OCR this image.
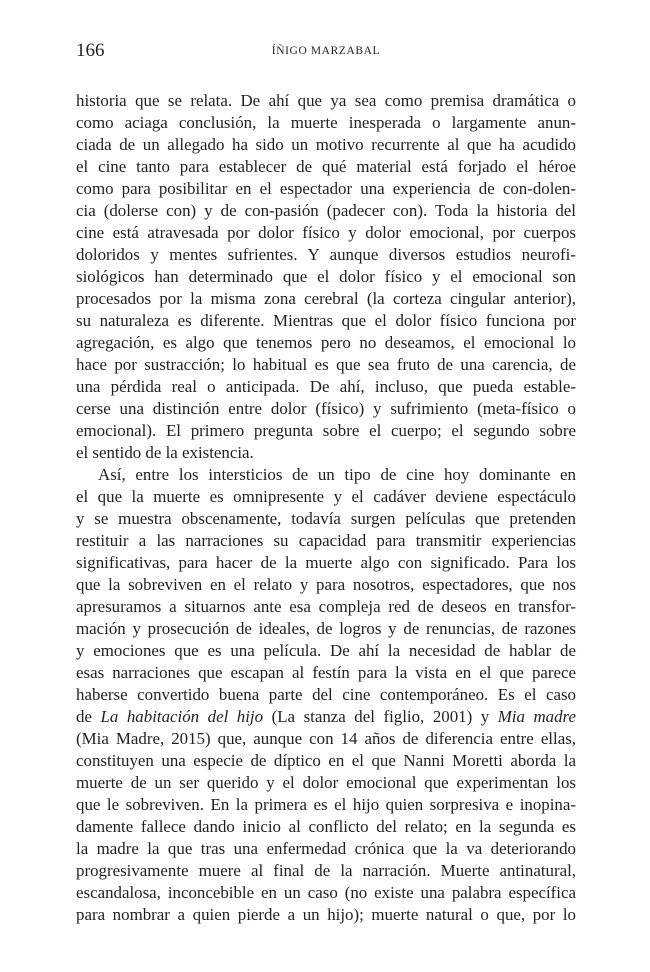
166	ÍÑIGO MARZABAL
historia que se relata. De ahí que ya sea como premisa dramática o
como aciaga conclusión, la muerte inesperada o largamente anun-
ciada de un allegado ha sido un motivo recurrente al que ha acudido
el cine tanto para establecer de qué material está forjado el héroe
como para posibilitar en el espectador una experiencia de con-dolen-
cia (dolerse con) y de con-pasión (padecer con). Toda la historia del
cine está atravesada por dolor físico y dolor emocional, por cuerpos
doloridos y mentes sufrientes. Y aunque diversos estudios neurofi-
siológicos han determinado que el dolor físico y el emocional son
procesados por la misma zona cerebral (la corteza cingular anterior),
su naturaleza es diferente. Mientras que el dolor físico funciona por
agregación, es algo que tenemos pero no deseamos, el emocional lo
hace por sustracción; lo habitual es que sea fruto de una carencia, de
una pérdida real o anticipada. De ahí, incluso, que pueda estable-
cerse una distinción entre dolor (físico) y sufrimiento (meta-físico o
emocional). El primero pregunta sobre el cuerpo; el segundo sobre
el sentido de la existencia.
Así, entre los intersticios de un tipo de cine hoy dominante en
el que la muerte es omnipresente y el cadáver deviene espectáculo
y se muestra obscenamente, todavía surgen películas que pretenden
restituir a las narraciones su capacidad para transmitir experiencias
significativas, para hacer de la muerte algo con significado. Para los
que la sobreviven en el relato y para nosotros, espectadores, que nos
apresuramos a situarnos ante esa compleja red de deseos en transfor-
mación y prosecución de ideales, de logros y de renuncias, de razones
y emociones que es una película. De ahí la necesidad de hablar de
esas narraciones que escapan al festín para la vista en el que parece
haberse convertido buena parte del cine contemporáneo. Es el caso
de La habitación del hijo (La stanza del figlio, 2001) y Mia madre
(Mia Madre, 2015) que, aunque con 14 años de diferencia entre ellas,
constituyen una especie de díptico en el que Nanni Moretti aborda la
muerte de un ser querido y el dolor emocional que experimentan los
que le sobreviven. En la primera es el hijo quien sorpresiva e inopina-
damente fallece dando inicio al conflicto del relato; en la segunda es
la madre la que tras una enfermedad crónica que la va deteriorando
progresivamente muere al final de la narración. Muerte antinatural,
escandalosa, inconcebible en un caso (no existe una palabra específica
para nombrar a quien pierde a un hijo); muerte natural o que, por lo
